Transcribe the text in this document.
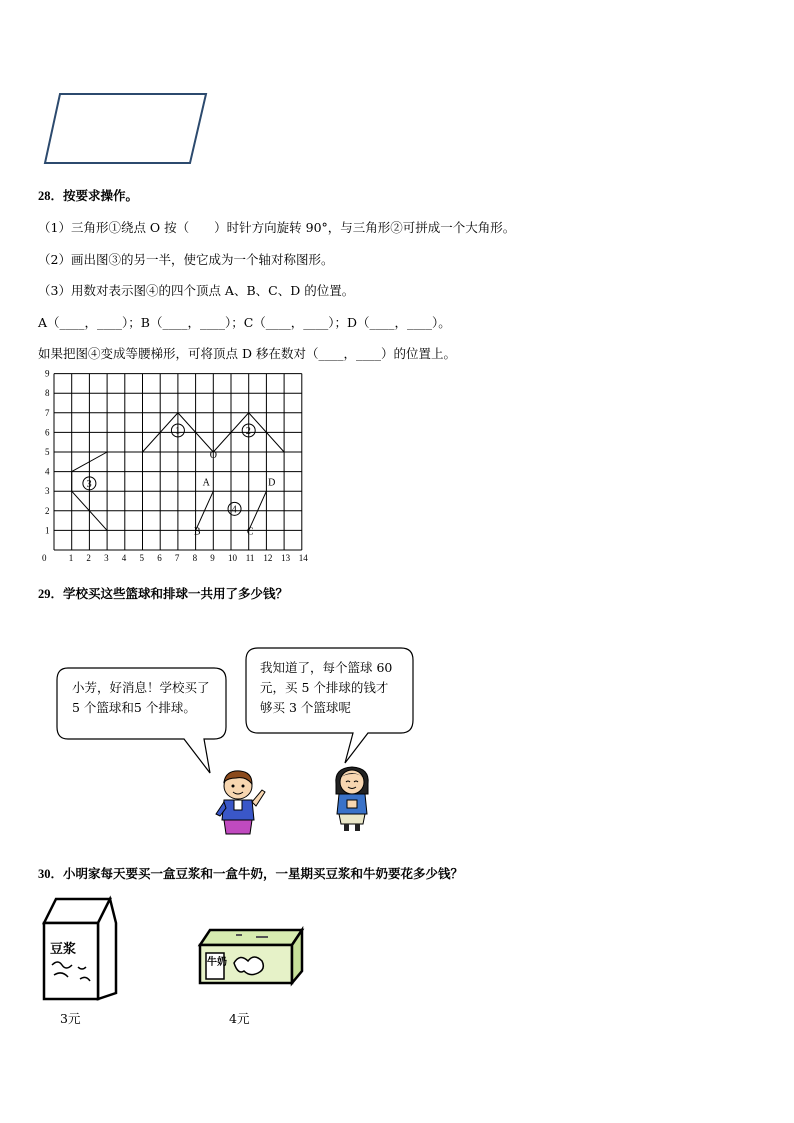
28．按要求操作。
（1）三角形①绕点 O 按（　　）时针方向旋转 90°，与三角形②可拼成一个大角形。
（2）画出图③的另一半，使它成为一个轴对称图形。
（3）用数对表示图④的四个顶点 A、B、C、D 的位置。
A（____，____）；B（____，____）；C（____，____）；D（____，____）。
如果把图④变成等腰梯形，可将顶点 D 移在数对（____，____）的位置上。
0 1 2 3 4 5 6 7 8 9 10 11 12 13 14
1
2
3
4
5
6
7
8
9
1	2
3
4
O
A	D
B	C
29．学校买这些篮球和排球一共用了多少钱？
小芳，好消息！学校买了
5 个篮球和5 个排球。
我知道了，每个篮球 60
元，买 5 个排球的钱才
够买 3 个篮球呢
30．小明家每天要买一盒豆浆和一盒牛奶，一星期买豆浆和牛奶要花多少钱？
豆浆
3元
牛奶
4元
